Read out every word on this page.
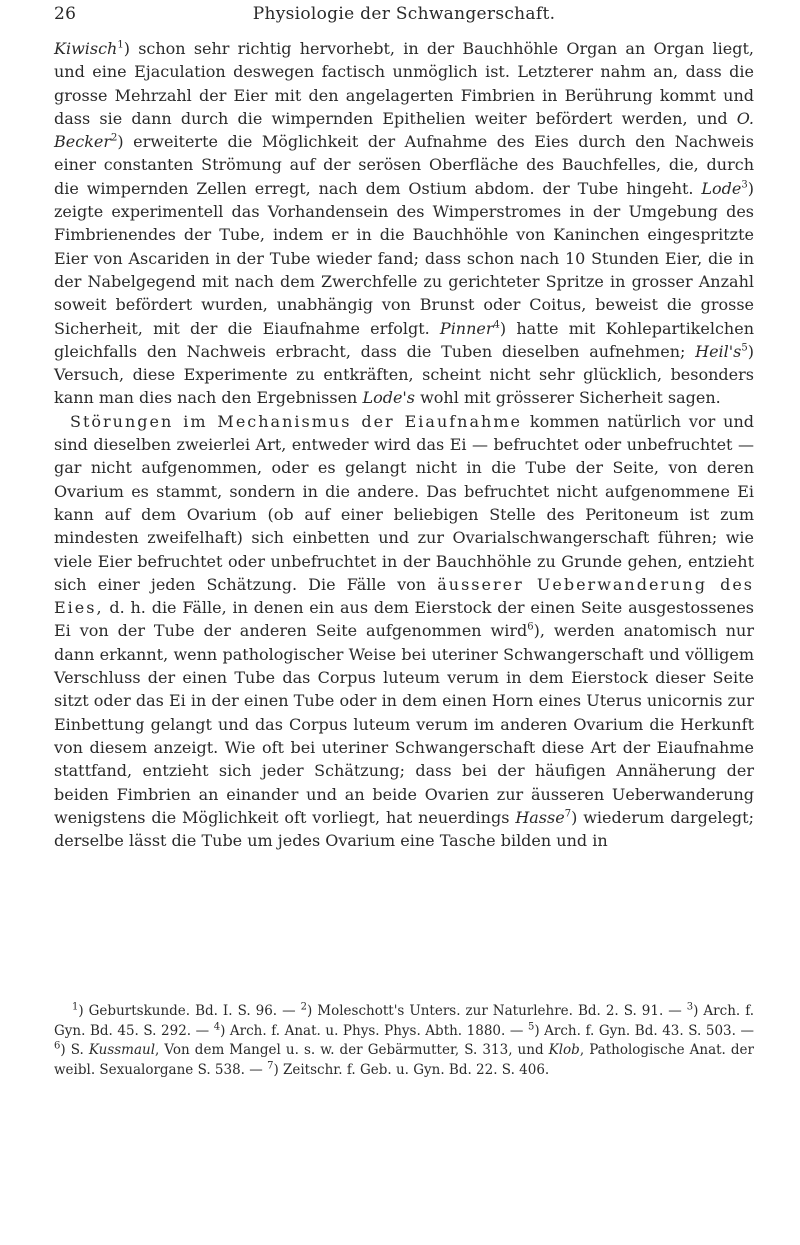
26	Physiologie der Schwangerschaft.

Kiwisch$^1$) schon sehr richtig hervorhebt, in der Bauchhöhle Organ an Organ liegt, und eine Ejaculation deswegen factisch unmöglich ist. Letzterer nahm an, dass die grosse Mehrzahl der Eier mit den angelagerten Fimbrien in Berührung kommt und dass sie dann durch die wimpernden Epithelien weiter befördert werden, und O. Becker$^2$) erweiterte die Möglichkeit der Aufnahme des Eies durch den Nachweis einer constanten Strömung auf der serösen Oberfläche des Bauchfelles, die, durch die wimpernden Zellen erregt, nach dem Ostium abdom. der Tube hingeht. Lode$^3$) zeigte experimentell das Vorhandensein des Wimperstromes in der Umgebung des Fimbrienendes der Tube, indem er in die Bauchhöhle von Kaninchen eingespritzte Eier von Ascariden in der Tube wieder fand; dass schon nach 10 Stunden Eier, die in der Nabelgegend mit nach dem Zwerchfelle zu gerichteter Spritze in grosser Anzahl soweit befördert wurden, unabhängig von Brunst oder Coitus, beweist die grosse Sicherheit, mit der die Eiaufnahme erfolgt. Pinner$^4$) hatte mit Kohlepartikelchen gleichfalls den Nachweis erbracht, dass die Tuben dieselben aufnehmen; $Heil's^5$) Versuch, diese Experimente zu entkräften, scheint nicht sehr glücklich, besonders kann man dies nach den Ergebnissen Lode's wohl mit grösserer Sicherheit sagen.

 Störungen im Mechanismus der Eiaufnahme kommen natürlich vor und sind dieselben zweierlei Art, entweder wird das Ei — befruchtet oder unbefruchtet — gar nicht aufgenommen, oder es gelangt nicht in die Tube der Seite, von deren Ovarium es stammt, sondern in die andere. Das befruchtet nicht aufgenommene Ei kann auf dem Ovarium (ob auf einer beliebigen Stelle des Peritoneum ist zum mindesten zweifelhaft) sich einbetten und zur Ovarialschwangerschaft führen; wie viele Eier befruchtet oder unbefruchtet in der Bauchhöhle zu Grunde gehen, entzieht sich einer jeden Schätzung. Die Fälle von äusserer Ueberwanderung des Eies, d. h. die Fälle, in denen ein aus dem Eierstock der einen Seite ausgestossenes Ei von der Tube der anderen Seite aufgenommen wird$^6$), werden anatomisch nur dann erkannt, wenn pathologischer Weise bei uteriner Schwangerschaft und völligem Verschluss der einen Tube das Corpus luteum verum in dem Eierstock dieser Seite sitzt oder das Ei in der einen Tube oder in dem einen Horn eines Uterus unicornis zur Einbettung gelangt und das Corpus luteum verum im anderen Ovarium die Herkunft von diesem anzeigt. Wie oft bei uteriner Schwangerschaft diese Art der Eiaufnahme stattfand, entzieht sich jeder Schätzung; dass bei der häufigen Annäherung der beiden Fimbrien an einander und an beide Ovarien zur äusseren Ueberwanderung wenigstens die Möglichkeit oft vorliegt, hat neuerdings Hasse$^7$) wiederum dargelegt; derselbe lässt die Tube um jedes Ovarium eine Tasche bilden und in

$^1$) Geburtskunde. Bd. I. S. 96. — $^2$) Moleschott's Unters. zur Naturlehre. Bd. 2. S. 91. — $^3$) Arch. f. Gyn. Bd. 45. S. 292. — $^4$) Arch. f. Anat. u. Phys. Phys. Abth. 1880. — $^5$) Arch. f. Gyn. Bd. 43. S. 503. — $^6$) S. Kussmaul, Von dem Mangel u. s. w. der Gebärmutter, S. 313, und Klob, Pathologische Anat. der weibl. Sexualorgane S. 538. — $^7$) Zeitschr. f. Geb. u. Gyn. Bd. 22. S. 406.
